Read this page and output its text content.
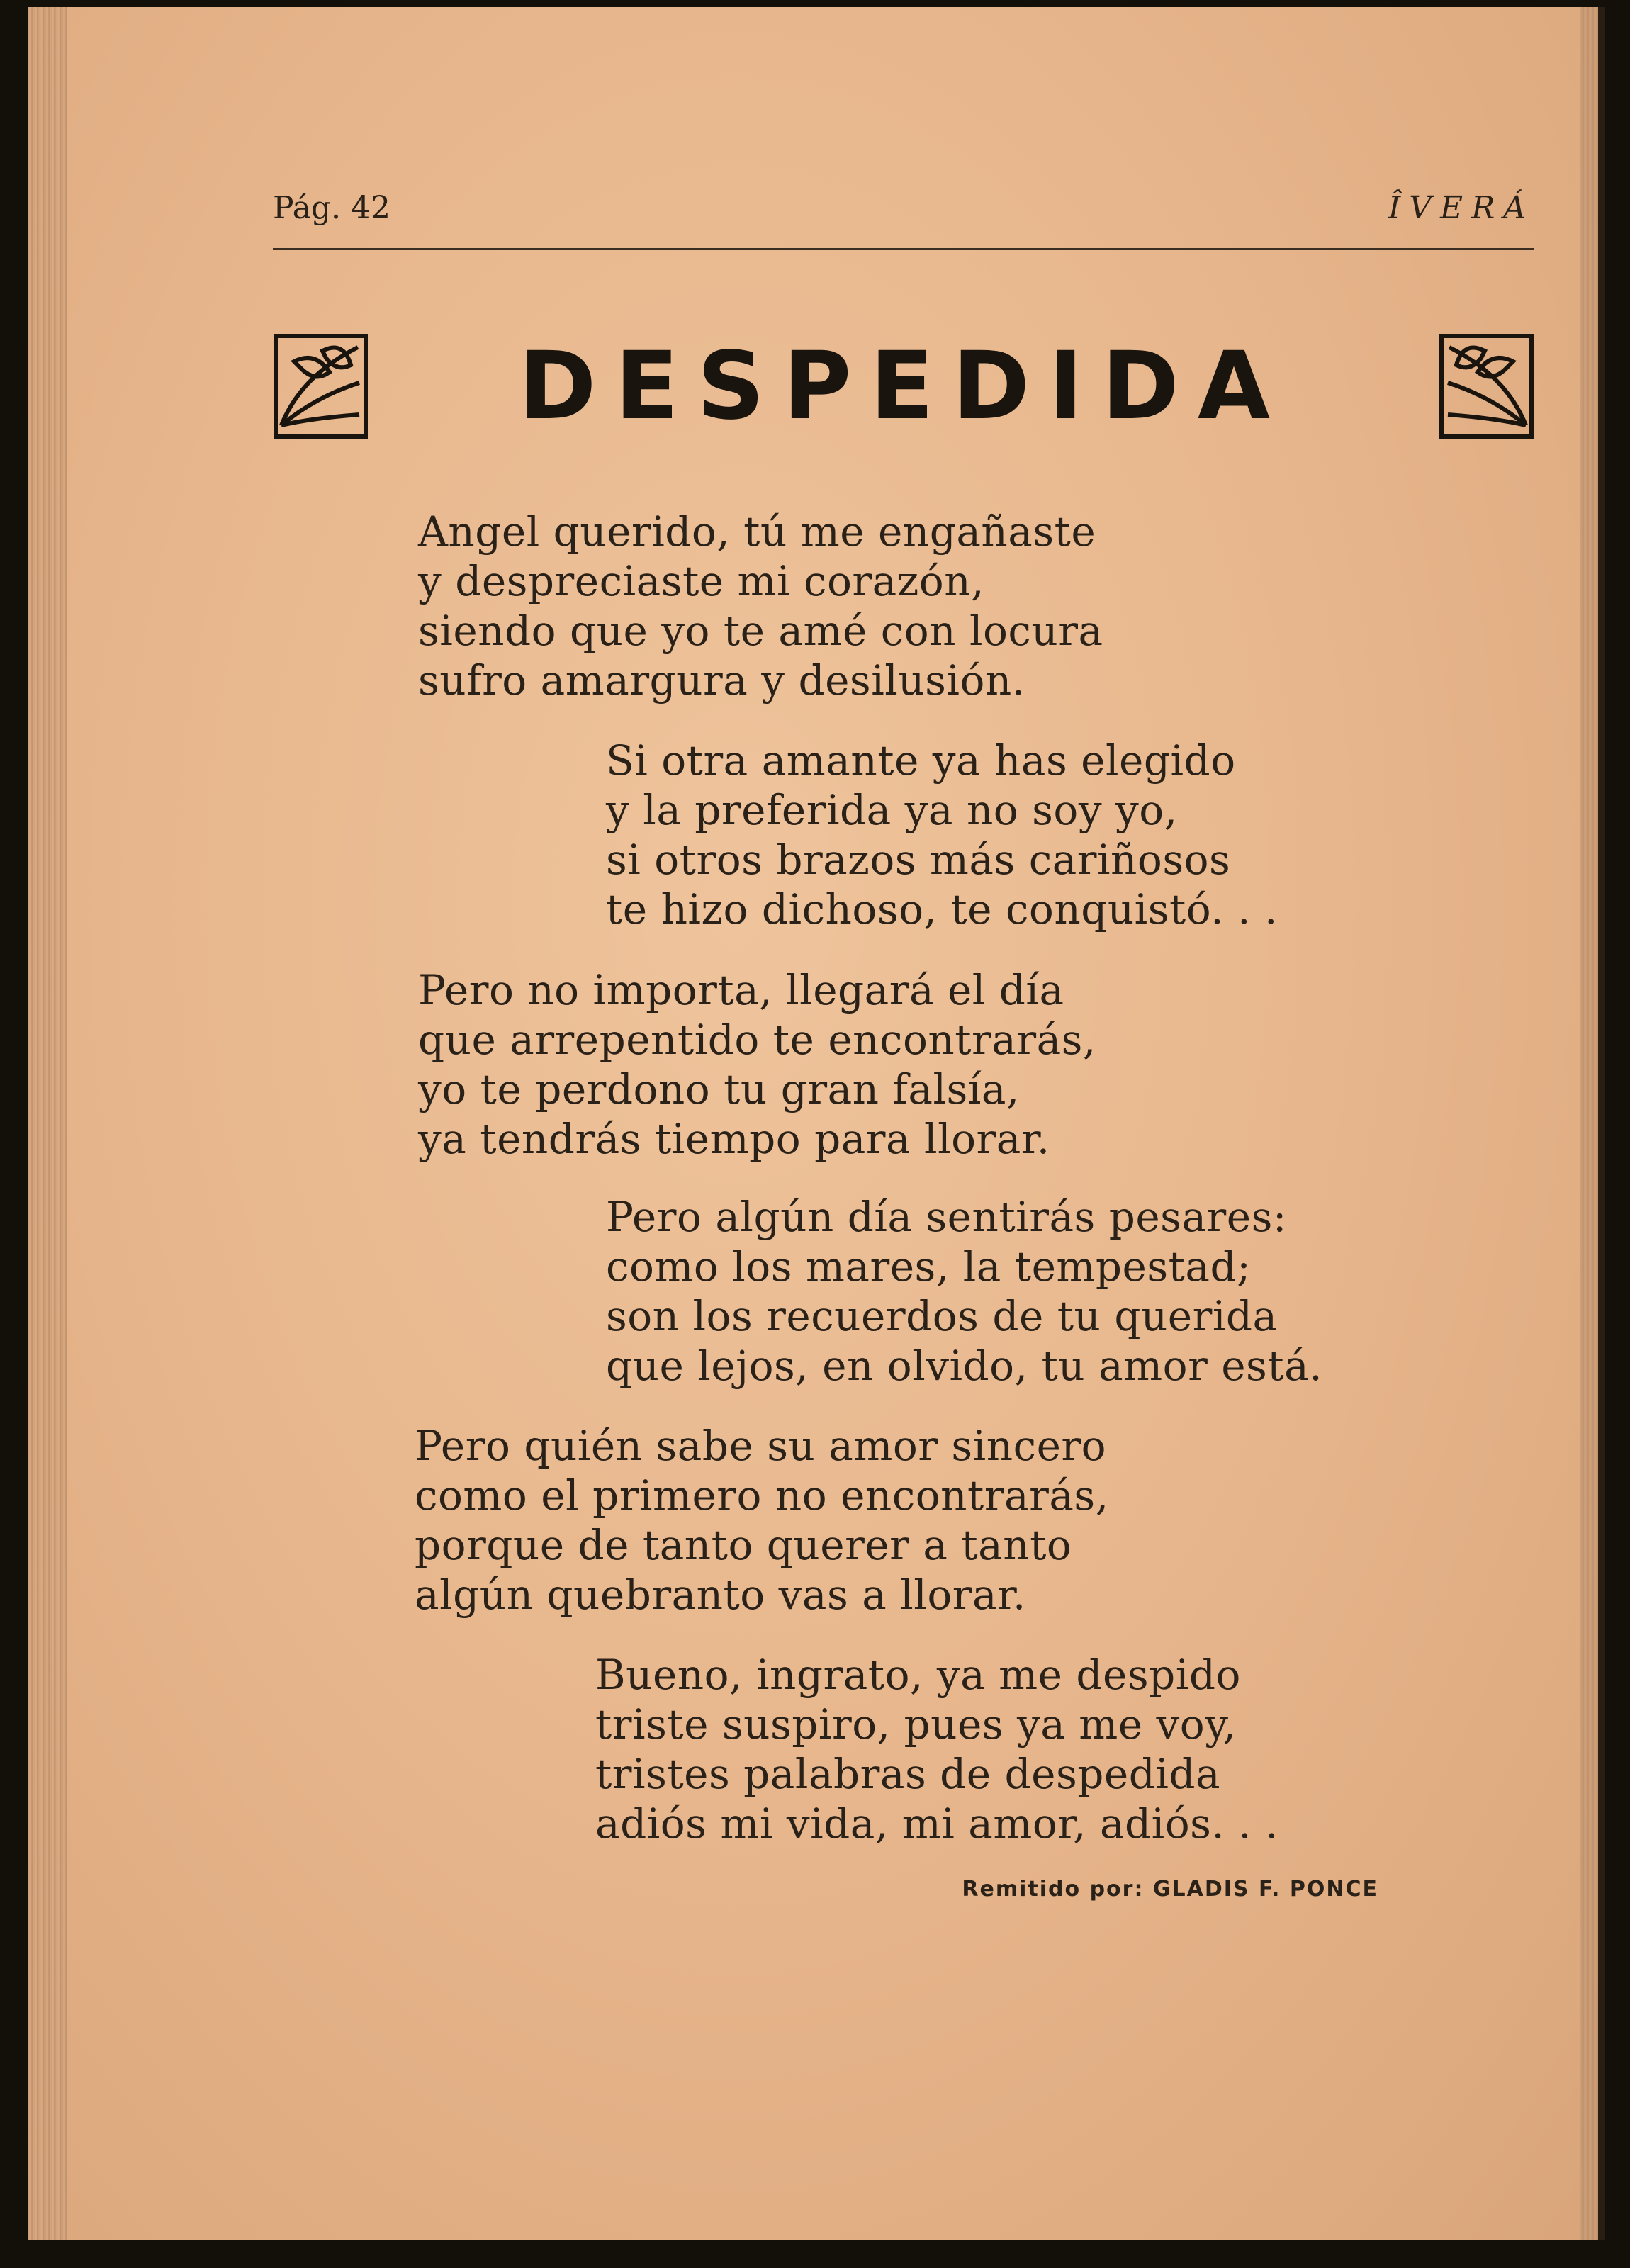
Pág. 42	ÎVERÁ
DESPEDIDA
Angel querido, tú me engañaste
y despreciaste mi corazón,
siendo que yo te amé con locura
sufro amargura y desilusión.
Si otra amante ya has elegido
y la preferida ya no soy yo,
si otros brazos más cariñosos
te hizo dichoso, te conquistó. . .
Pero no importa, llegará el día
que arrepentido te encontrarás,
yo te perdono tu gran falsía,
ya tendrás tiempo para llorar.
Pero algún día sentirás pesares:
como los mares, la tempestad;
son los recuerdos de tu querida
que lejos, en olvido, tu amor está.
Pero quién sabe su amor sincero
como el primero no encontrarás,
porque de tanto querer a tanto
algún quebranto vas a llorar.
Bueno, ingrato, ya me despido
triste suspiro, pues ya me voy,
tristes palabras de despedida
adiós mi vida, mi amor, adiós. . .
Remitido por: GLADIS F. PONCE
